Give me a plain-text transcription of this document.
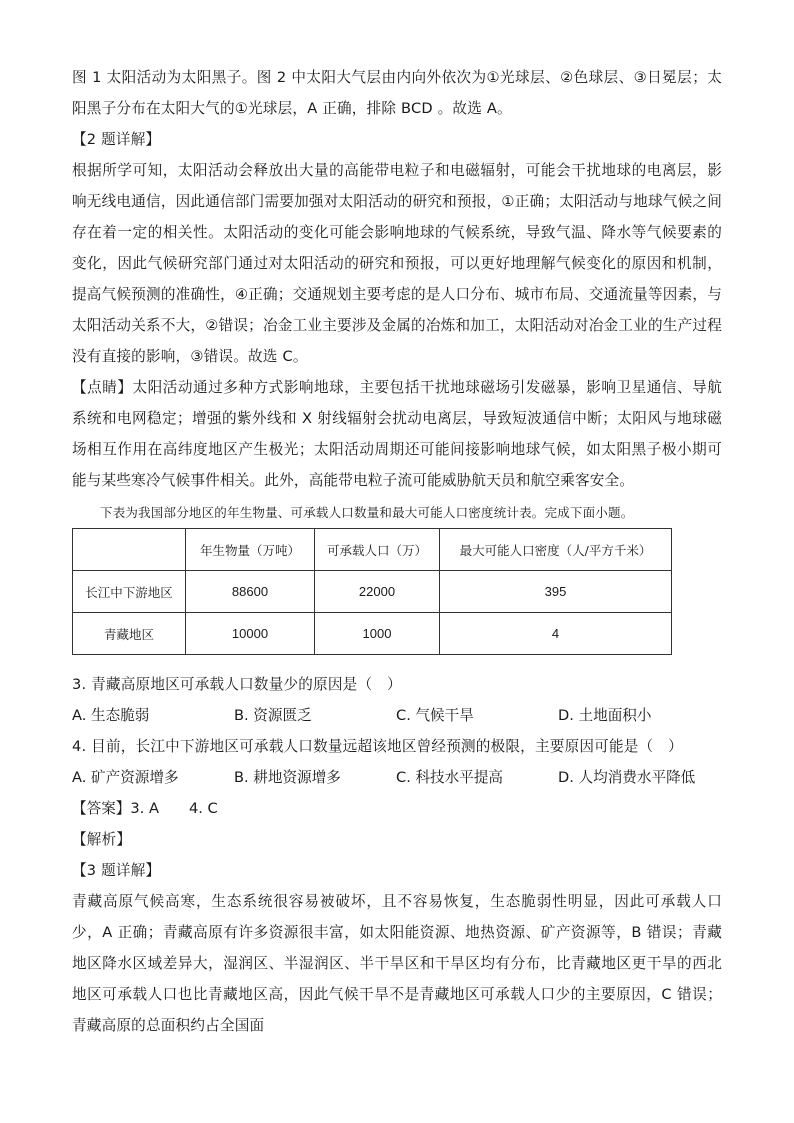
图 1 太阳活动为太阳黑子。图 2 中太阳大气层由内向外依次为①光球层、②色球层、③日冕层；太阳黑子分布在太阳大气的①光球层，A 正确，排除 BCD 。故选 A。

【2 题详解】

根据所学可知，太阳活动会释放出大量的高能带电粒子和电磁辐射，可能会干扰地球的电离层，影响无线电通信，因此通信部门需要加强对太阳活动的研究和预报，①正确；太阳活动与地球气候之间存在着一定的相关性。太阳活动的变化可能会影响地球的气候系统，导致气温、降水等气候要素的变化，因此气候研究部门通过对太阳活动的研究和预报，可以更好地理解气候变化的原因和机制，提高气候预测的准确性，④正确；交通规划主要考虑的是人口分布、城市布局、交通流量等因素，与太阳活动关系不大，②错误；冶金工业主要涉及金属的冶炼和加工，太阳活动对冶金工业的生产过程没有直接的影响，③错误。故选 C。

【点睛】太阳活动通过多种方式影响地球，主要包括干扰地球磁场引发磁暴，影响卫星通信、导航系统和电网稳定；增强的紫外线和 X 射线辐射会扰动电离层，导致短波通信中断；太阳风与地球磁场相互作用在高纬度地区产生极光；太阳活动周期还可能间接影响地球气候，如太阳黑子极小期可能与某些寒冷气候事件相关。此外，高能带电粒子流可能威胁航天员和航空乘客安全。

下表为我国部分地区的年生物量、可承载人口数量和最大可能人口密度统计表。完成下面小题。

	年生物量（万吨）	可承载人口（万）	最大可能人口密度（人/平方千米）
长江中下游地区	88600	22000	395
青藏地区	10000	1000	4

3. 青藏高原地区可承载人口数量少的原因是（　）

A. 生态脆弱	B. 资源匮乏	C. 气候干旱	D. 土地面积小

4. 目前，长江中下游地区可承载人口数量远超该地区曾经预测的极限，主要原因可能是（　）

A. 矿产资源增多	B. 耕地资源增多	C. 科技水平提高	D. 人均消费水平降低
【答案】3. A 4. C

【解析】

【3 题详解】

青藏高原气候高寒，生态系统很容易被破坏，且不容易恢复，生态脆弱性明显，因此可承载人口少，A 正确；青藏高原有许多资源很丰富，如太阳能资源、地热资源、矿产资源等，B 错误；青藏地区降水区域差异大，湿润区、半湿润区、半干旱区和干旱区均有分布，比青藏地区更干旱的西北地区可承载人口也比青藏地区高，因此气候干旱不是青藏地区可承载人口少的主要原因，C 错误；青藏高原的总面积约占全国面
